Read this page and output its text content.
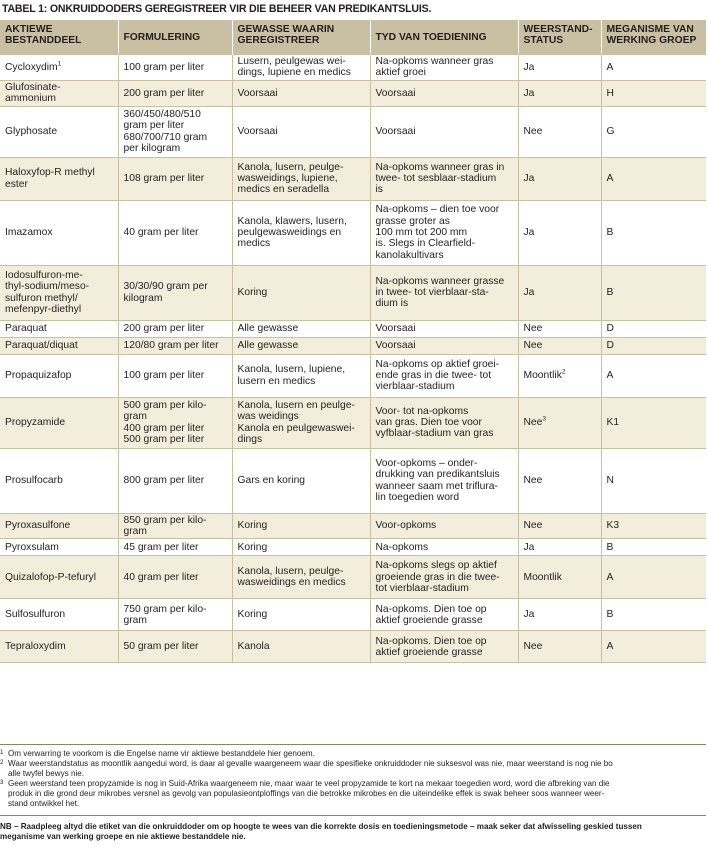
TABEL 1: ONKRUIDDODERS GEREGISTREER VIR DIE BEHEER VAN PREDIKANTSLUIS.
AKTIEWE
BESTANDDEEL	FORMULERING	GEWASSE WAARIN
GEREGISTREER	TYD VAN TOEDIENING	WEERSTAND-
STATUS	MEGANISME VAN
WERKING GROEP

Cycloxydim$^1$	100 gram per liter	Lusern, peulgewas wei-
dings, lupiene en medics	Na-opkoms wanneer gras
aktief groei	Ja	A

Glufosinate-
ammonium	200 gram per liter	Voorsaai	Voorsaai	Ja	H

Glyphosate	360/450/480/510
gram per liter
680/700/710 gram
per kilogram	Voorsaai	Voorsaai	Nee	G

Haloxyfop-R methyl
ester	108 gram per liter	Kanola, lusern, peulge-
wasweidings, lupiene,
medics en seradella	Na-opkoms wanneer gras in
twee- tot sesblaar-stadium
is	Ja	A

Imazamox	40 gram per liter	Kanola, klawers, lusern,
peulgewasweidings en
medics	Na-opkoms – dien toe voor
grasse groter as
100 mm tot 200 mm
is. Slegs in Clearfield-
kanolakultivars	Ja	B

Iodosulfuron-me-
thyl-sodium/meso-
sulfuron methyl/
mefenpyr-diethyl	30/30/90 gram per
kilogram	Koring	Na-opkoms wanneer grasse
in twee- tot vierblaar-sta-
dium is	Ja	B

Paraquat	200 gram per liter	Alle gewasse	Voorsaai	Nee	D

Paraquat/diquat	120/80 gram per liter	Alle gewasse	Voorsaai	Nee	D

Propaquizafop	100 gram per liter	Kanola, lusern, lupiene,
lusern en medics	Na-opkoms op aktief groei-
ende gras in die twee- tot
vierblaar-stadium	Moontlik$^2$	A

Propyzamide	500 gram per kilo-
gram
400 gram per liter
500 gram per liter	Kanola, lusern en peulge-
was weidings
Kanola en peulgewaswei-
dings	Voor- tot na-opkoms
van gras. Dien toe voor
vyfblaar-stadium van gras	Nee$^3$	K1

Prosulfocarb	800 gram per liter	Gars en koring	Voor-opkoms – onder-
drukking van predikantsluis
wanneer saam met triflura-
lin toegedien word	Nee	N

Pyroxasulfone	850 gram per kilo-
gram	Koring	Voor-opkoms	Nee	K3

Pyroxsulam	45 gram per liter	Koring	Na-opkoms	Ja	B

Quizalofop-P-tefuryl	40 gram per liter	Kanola, lusern, peulge-
wasweidings en medics	Na-opkoms slegs op aktief
groeiende gras in die twee-
tot vierblaar-stadium	Moontlik	A

Sulfosulfuron	750 gram per kilo-
gram	Koring	Na-opkoms. Dien toe op
aktief groeiende grasse	Ja	B

Tepraloxydim	50 gram per liter	Kanola	Na-opkoms. Dien toe op
aktief groeiende grasse	Nee	A
1 Om verwarring te voorkom is die Engelse name vir aktiewe bestanddele hier genoem.
2 Waar weerstandstatus as moontlik aangedui word, is daar al gevalle waargeneem waar die spesifieke onkruiddoder nie suksesvol was nie, maar weerstand is nog nie bo
alle twyfel bewys nie.
3 Geen weerstand teen propyzamide is nog in Suid-Afrika waargeneem nie, maar waar te veel propyzamide te kort na mekaar toegedien word, word die afbreking van die
produk in die grond deur mikrobes versnel as gevolg van populasieontploffings van die betrokke mikrobes en die uiteindelike effek is swak beheer soos wanneer weer-
stand ontwikkel het.
NB – Raadpleeg altyd die etiket van die onkruiddoder om op hoogte te wees van die korrekte dosis en toedieningsmetode – maak seker dat afwisseling geskied tussen
meganisme van werking groepe en nie aktiewe bestanddele nie.
